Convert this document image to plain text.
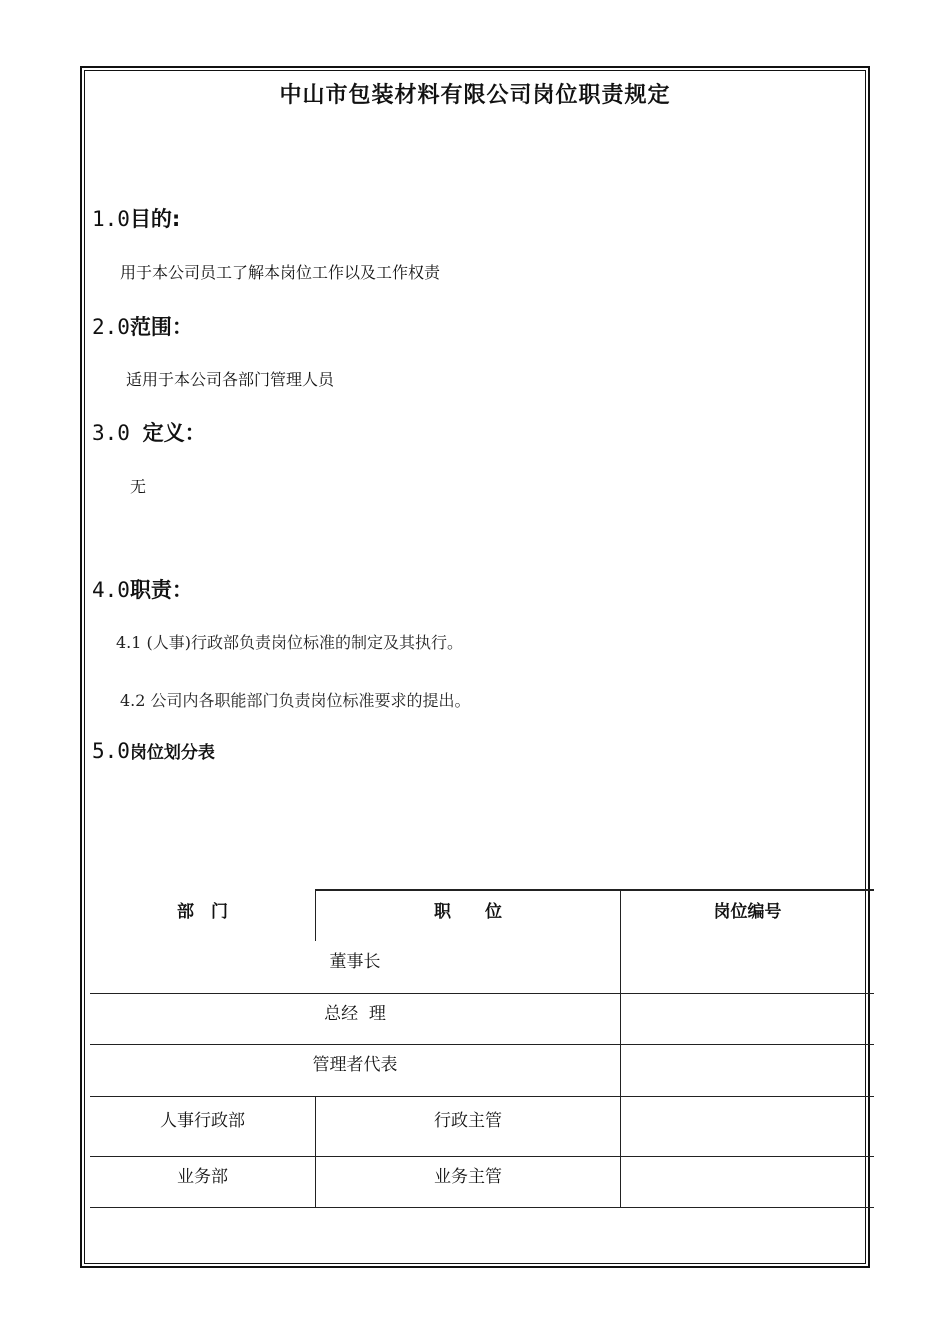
中山市包装材料有限公司岗位职责规定
1.0目的:
用于本公司员工了解本岗位工作以及工作权责
2.0范围：
适用于本公司各部门管理人员
3.0 定义：
无
4.0职责：
4.1 (人事)行政部负责岗位标准的制定及其执行。
4.2 公司内各职能部门负责岗位标准要求的提出。
5.0岗位划分表
部　门	职　　位	岗位编号
董事长
总经  理
管理者代表
人事行政部	行政主管
业务部	业务主管
